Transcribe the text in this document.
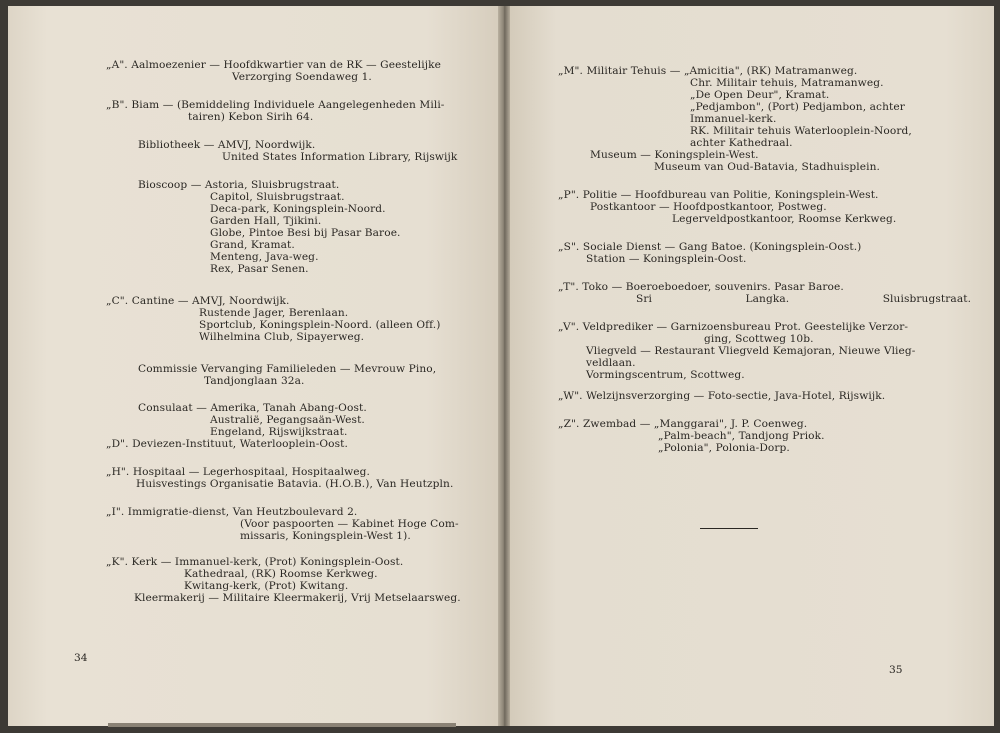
„A". Aalmoezenier — Hoofdkwartier van de RK — Geestelijke
Verzorging Soendaweg 1.
„B". Biam — (Bemiddeling Individuele Aangelegenheden Mili-
tairen) Kebon Sirih 64.
Bibliotheek — AMVJ, Noordwijk.
United States Information Library, Rijswijk
Bioscoop — Astoria, Sluisbrugstraat.
Capitol, Sluisbrugstraat.
Deca-park, Koningsplein-Noord.
Garden Hall, Tjikini.
Globe, Pintoe Besi bij Pasar Baroe.
Grand, Kramat.
Menteng, Java-weg.
Rex, Pasar Senen.
„C". Cantine — AMVJ, Noordwijk.
Rustende Jager, Berenlaan.
Sportclub, Koningsplein-Noord. (alleen Off.)
Wilhelmina Club, Sipayerweg.
Commissie Vervanging Familieleden — Mevrouw Pino,
Tandjonglaan 32a.
Consulaat — Amerika, Tanah Abang-Oost.
Australië, Pegangsaän-West.
Engeland, Rijswijkstraat.
„D". Deviezen-Instituut, Waterlooplein-Oost.
„H". Hospitaal — Legerhospitaal, Hospitaalweg.
Huisvestings Organisatie Batavia. (H.O.B.), Van Heutzpln.
„I". Immigratie-dienst, Van Heutzboulevard 2.
(Voor paspoorten — Kabinet Hoge Com-
missaris, Koningsplein-West 1).
„K". Kerk — Immanuel-kerk, (Prot) Koningsplein-Oost.
Kathedraal, (RK) Roomse Kerkweg.
Kwitang-kerk, (Prot) Kwitang.
Kleermakerij — Militaire Kleermakerij, Vrij Metselaarsweg.
34
„M". Militair Tehuis — „Amicitia", (RK) Matramanweg.
Chr. Militair tehuis, Matramanweg.
„De Open Deur", Kramat.
„Pedjambon", (Port) Pedjambon, achter
Immanuel-kerk.
RK. Militair tehuis Waterlooplein-Noord,
achter Kathedraal.
Museum — Koningsplein-West.
Museum van Oud-Batavia, Stadhuisplein.
„P". Politie — Hoofdbureau van Politie, Koningsplein-West.
Postkantoor — Hoofdpostkantoor, Postweg.
Legerveldpostkantoor, Roomse Kerkweg.
„S". Sociale Dienst — Gang Batoe. (Koningsplein-Oost.)
Station — Koningsplein-Oost.
„T". Toko — Boeroeboedoer, souvenirs. Pasar Baroe.
Sri Langka. Sluisbrugstraat.
„V". Veldprediker — Garnizoensbureau Prot. Geestelijke Verzor-
ging, Scottweg 10b.
Vliegveld — Restaurant Vliegveld Kemajoran, Nieuwe Vlieg-
veldlaan.
Vormingscentrum, Scottweg.
„W". Welzijnsverzorging — Foto-sectie, Java-Hotel, Rijswijk.
„Z". Zwembad — „Manggarai", J. P. Coenweg.
„Palm-beach", Tandjong Priok.
„Polonia", Polonia-Dorp.
35
